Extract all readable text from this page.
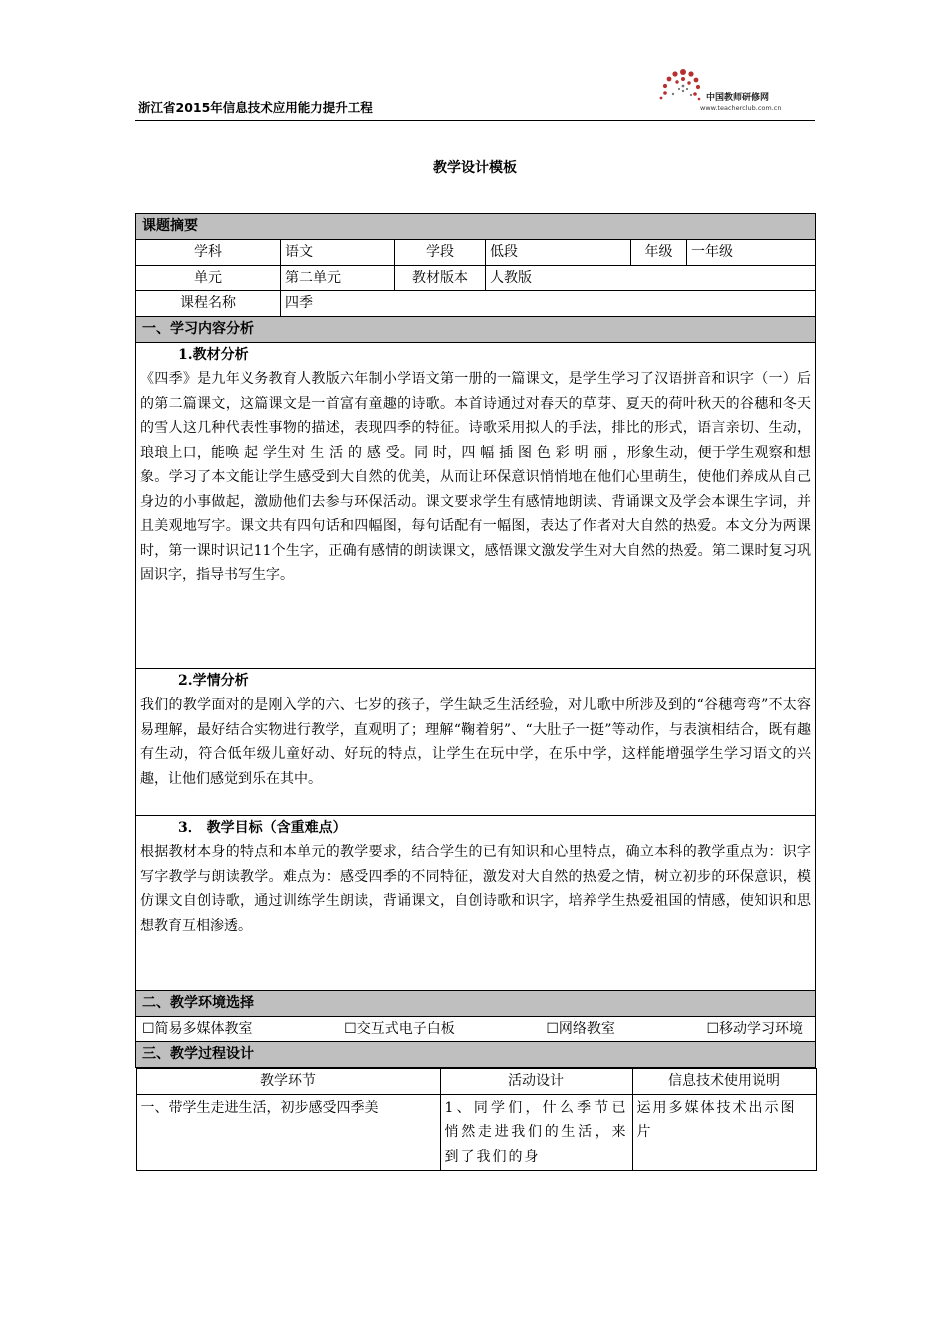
浙江省2015年信息技术应用能力提升工程
中国教师研修网
www.teacherclub.com.cn
教学设计模板
课题摘要
学科	语文	学段	低段	年级	一年级
单元	第二单元	教材版本	人教版
课程名称	四季
一、学习内容分析

1.教材分析
《四季》是九年义务教育人教版六年制小学语文第一册的一篇课文，是学生学习了汉语拼音和识字（一）后的第二篇课文，这篇课文是一首富有童趣的诗歌。本首诗通过对春天的草芽、夏天的荷叶秋天的谷穗和冬天的雪人这几种代表性事物的描述，表现四季的特征。诗歌采用拟人的手法，排比的形式，语言亲切、生动，琅琅上口，能唤 起 学生对 生 活 的 感 受。同 时，四 幅 插 图 色 彩 明 丽 ，形象生动，便于学生观察和想象。学习了本文能让学生感受到大自然的优美，从而让环保意识悄悄地在他们心里萌生，使他们养成从自己身边的小事做起，激励他们去参与环保活动。课文要求学生有感情地朗读、背诵课文及学会本课生字词，并且美观地写字。课文共有四句话和四幅图，每句话配有一幅图，表达了作者对大自然的热爱。本文分为两课时，第一课时识记11个生字，正确有感情的朗读课文，感悟课文激发学生对大自然的热爱。第二课时复习巩固识字，指导书写生字。

2.学情分析
我们的教学面对的是刚入学的六、七岁的孩子，学生缺乏生活经验，对儿歌中所涉及到的“谷穗弯弯”不太容易理解，最好结合实物进行教学，直观明了；理解“鞠着躬”、“大肚子一挺”等动作，与表演相结合，既有趣有生动，符合低年级儿童好动、好玩的特点，让学生在玩中学，在乐中学，这样能增强学生学习语文的兴趣，让他们感觉到乐在其中。

3． 教学目标（含重难点）
根据教材本身的特点和本单元的教学要求，结合学生的已有知识和心里特点，确立本科的教学重点为：识字写字教学与朗读教学。难点为：感受四季的不同特征，激发对大自然的热爱之情，树立初步的环保意识，模仿课文自创诗歌，通过训练学生朗读，背诵课文，自创诗歌和识字，培养学生热爱祖国的情感，使知识和思想教育互相渗透。

二、教学环境选择

☐简易多媒体教室	☐交互式电子白板	☐网络教室	☐移动学习环境

三、教学过程设计

教学环节	活动设计	信息技术使用说明
一、带学生走进生活，初步感受四季美	1、同学们，什么季节已悄然走进我们的生活，来到了我们的身	运用多媒体技术出示图片
